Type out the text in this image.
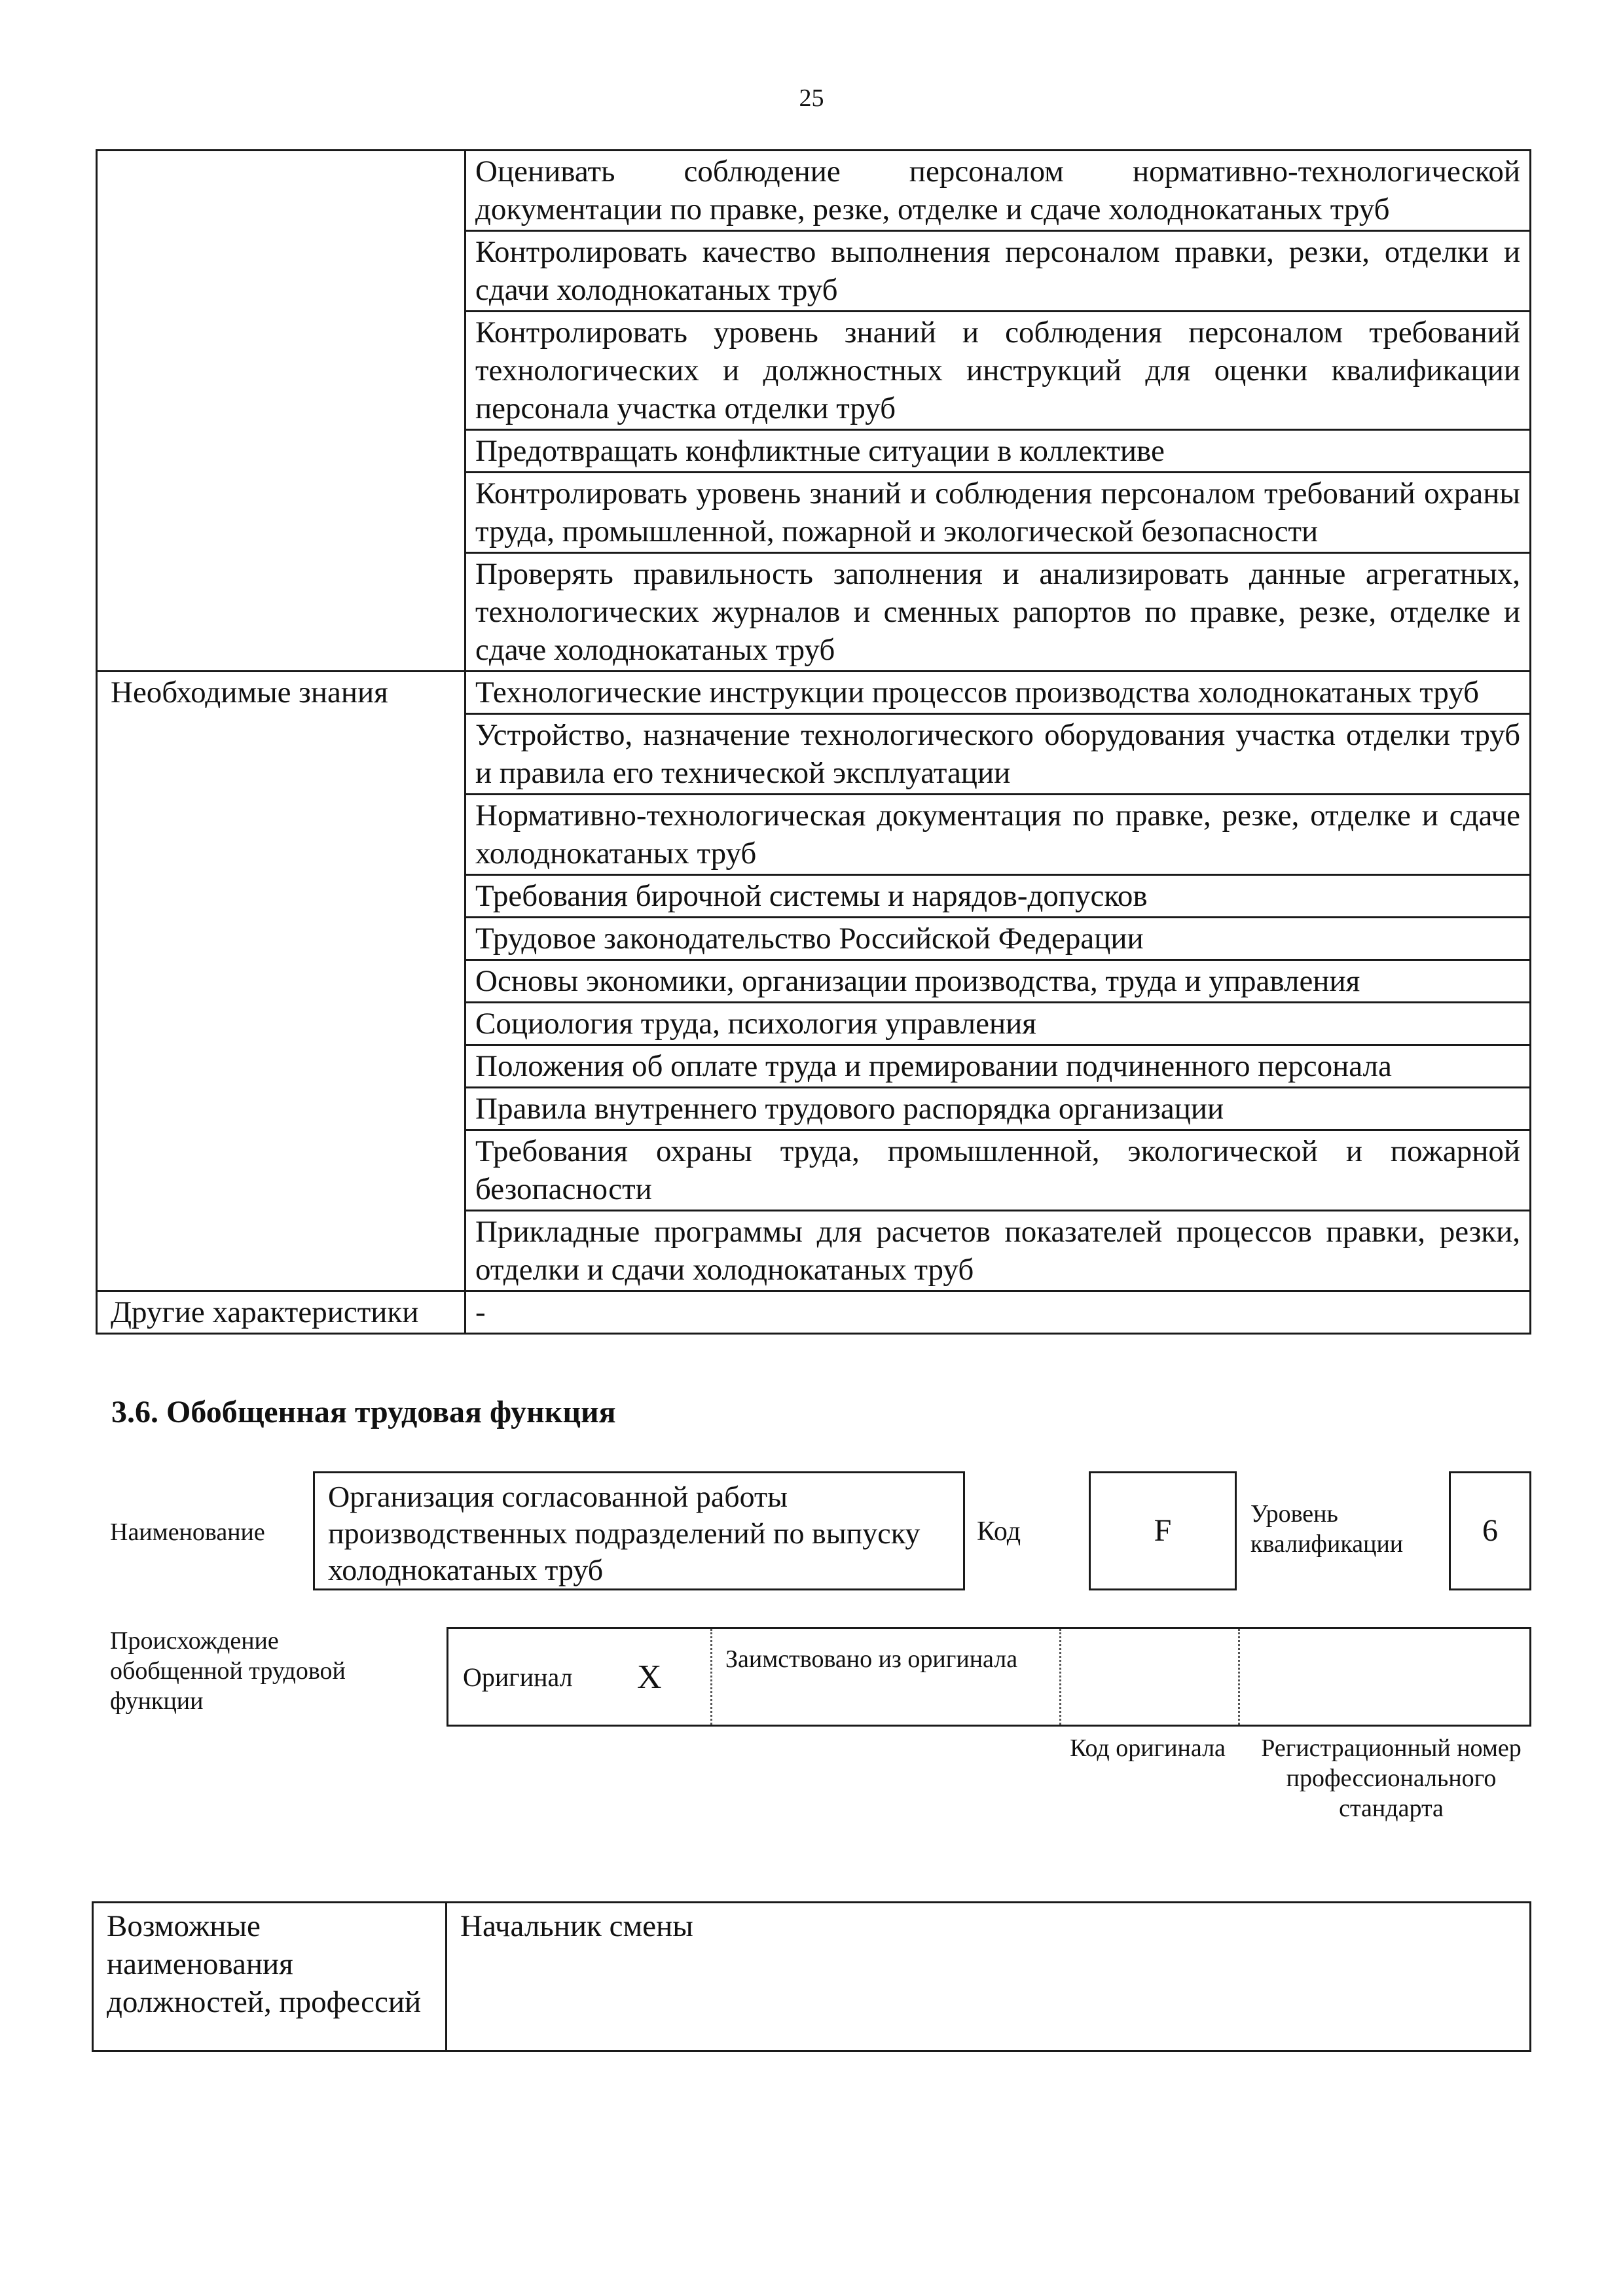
25
	Оценивать соблюдение персоналом нормативно-технологической документации по правке, резке, отделке и сдаче холоднокатаных труб
	Контролировать качество выполнения персоналом правки, резки, отделки и сдачи холоднокатаных труб
	Контролировать уровень знаний и соблюдения персоналом требований технологических и должностных инструкций для оценки квалификации персонала участка отделки труб
	Предотвращать конфликтные ситуации в коллективе
	Контролировать уровень знаний и соблюдения персоналом требований охраны труда, промышленной, пожарной и экологической безопасности
	Проверять правильность заполнения и анализировать данные агрегатных, технологических журналов и сменных рапортов по правке, резке, отделке и сдаче холоднокатаных труб
Необходимые знания	Технологические инструкции процессов производства холоднокатаных труб
	Устройство, назначение технологического оборудования участка отделки труб и правила его технической эксплуатации
	Нормативно-технологическая документация по правке, резке, отделке и сдаче холоднокатаных труб
	Требования бирочной системы и нарядов-допусков
	Трудовое законодательство Российской Федерации
	Основы экономики, организации производства, труда и управления
	Социология труда, психология управления
	Положения об оплате труда и премировании подчиненного персонала
	Правила внутреннего трудового распорядка организации
	Требования охраны труда, промышленной, экологической и пожарной безопасности
	Прикладные программы для расчетов показателей процессов правки, резки, отделки и сдачи холоднокатаных труб
Другие характеристики	-
3.6. Обобщенная трудовая функция
Наименование
Организация согласованной работы производственных подразделений по выпуску холоднокатаных труб
Код	F	Уровень квалификации	6
Происхождение обобщенной трудовой функции
Оригинал X	Заимствовано из оригинала
Код оригинала	Регистрационный номер профессионального стандарта
Возможные наименования должностей, профессий	Начальник смены
